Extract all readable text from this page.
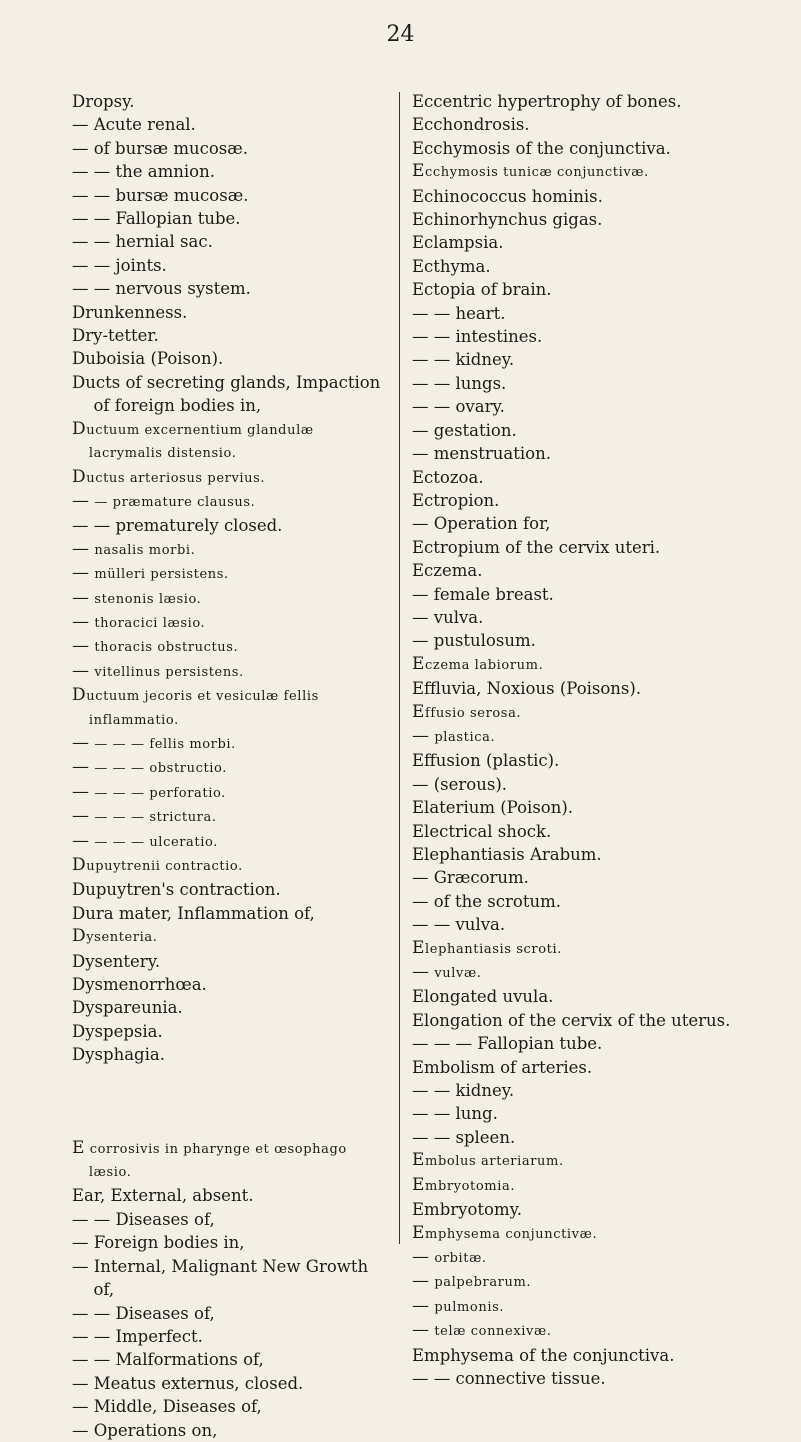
24
Dropsy.
— Acute renal.
— of bursæ mucosæ.
— — the amnion.
— — bursæ mucosæ.
— — Fallopian tube.
— — hernial sac.
— — joints.
— — nervous system.
Drunkenness.
Dry-tetter.
Duboisia (Poison).
Ducts of secreting glands, Impaction of foreign bodies in,
Ductuum excernentium glandulæ lacrymalis distensio.
Ductus arteriosus pervius.
— — præmature clausus.
— — prematurely closed.
— nasalis morbi.
— mülleri persistens.
— stenonis læsio.
— thoracici læsio.
— thoracis obstructus.
— vitellinus persistens.
Ductuum jecoris et vesiculæ fellis inflammatio.
— — — — fellis morbi.
— — — — obstructio.
— — — — perforatio.
— — — — strictura.
— — — — ulceratio.
Dupuytrenii contractio.
Dupuytren's contraction.
Dura mater, Inflammation of,
Dysenteria.
Dysentery.
Dysmenorrhœa.
Dyspareunia.
Dyspepsia.
Dysphagia.
E corrosivis in pharynge et œsophago læsio.
Ear, External, absent.
— — Diseases of,
— Foreign bodies in,
— Internal, Malignant New Growth of,
— — Diseases of,
— — Imperfect.
— — Malformations of,
— Meatus externus, closed.
— Middle, Diseases of,
— Operations on,
Eccentric hypertrophy of bones.
Ecchondrosis.
Ecchymosis of the conjunctiva.
Ecchymosis tunicæ conjunctivæ.
Echinococcus hominis.
Echinorhynchus gigas.
Eclampsia.
Ecthyma.
Ectopia of brain.
— — heart.
— — intestines.
— — kidney.
— — lungs.
— — ovary.
— gestation.
— menstruation.
Ectozoa.
Ectropion.
— Operation for,
Ectropium of the cervix uteri.
Eczema.
— female breast.
— vulva.
— pustulosum.
Eczema labiorum.
Effluvia, Noxious (Poisons).
Effusio serosa.
— plastica.
Effusion (plastic).
— (serous).
Elaterium (Poison).
Electrical shock.
Elephantiasis Arabum.
— Græcorum.
— of the scrotum.
— — vulva.
Elephantiasis scroti.
— vulvæ.
Elongated uvula.
Elongation of the cervix of the uterus.
— — — Fallopian tube.
Embolism of arteries.
— — kidney.
— — lung.
— — spleen.
Embolus arteriarum.
Embryotomia.
Embryotomy.
Emphysema conjunctivæ.
— orbitæ.
— palpebrarum.
— pulmonis.
— telæ connexivæ.
Emphysema of the conjunctiva.
— — connective tissue.
